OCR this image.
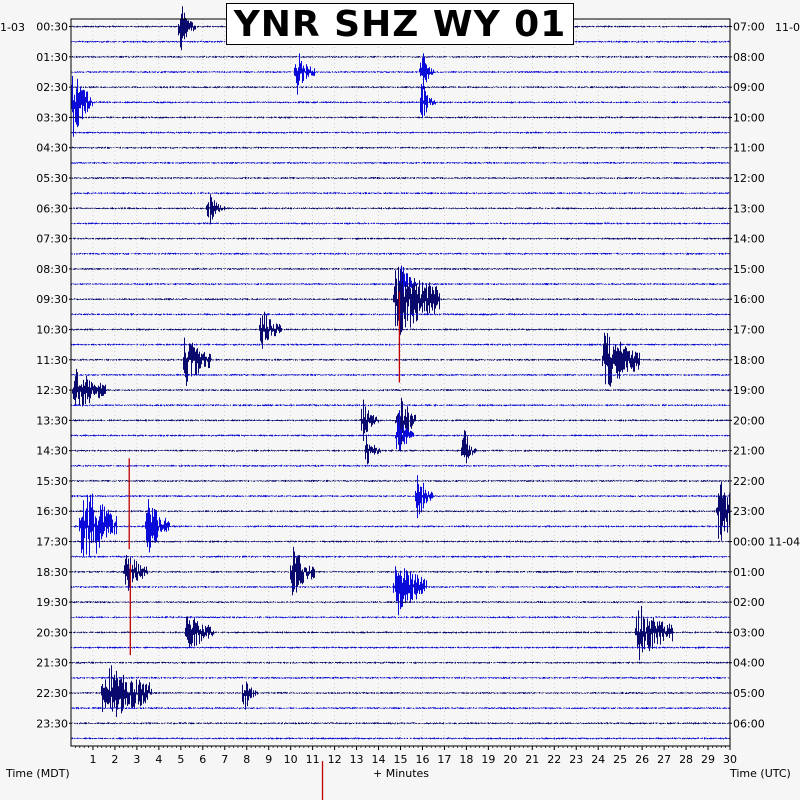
00:30
01:30
02:30
03:30
04:30
05:30
06:30
07:30
08:30
09:30
10:30
11:30
12:30
13:30
14:30
15:30
16:30
17:30
18:30
19:30
20:30
21:30
22:30
23:30
07:00
08:00
09:00
10:00
11:00
12:00
13:00
14:00
15:00
16:00
17:00
18:00
19:00
20:00
21:00
22:00
23:00
00:00 11-04
01:00
02:00
03:00
04:00
05:00
06:00
1 2 3 4 5 6 7 8 9 10 11 12 13 14 15 16 17 18 19 20 21 22 23 24 25 26 27 28 29 30
YNR SHZ WY 01
1-03	11-0
Time (MDT)	+ Minutes	Time (UTC)
